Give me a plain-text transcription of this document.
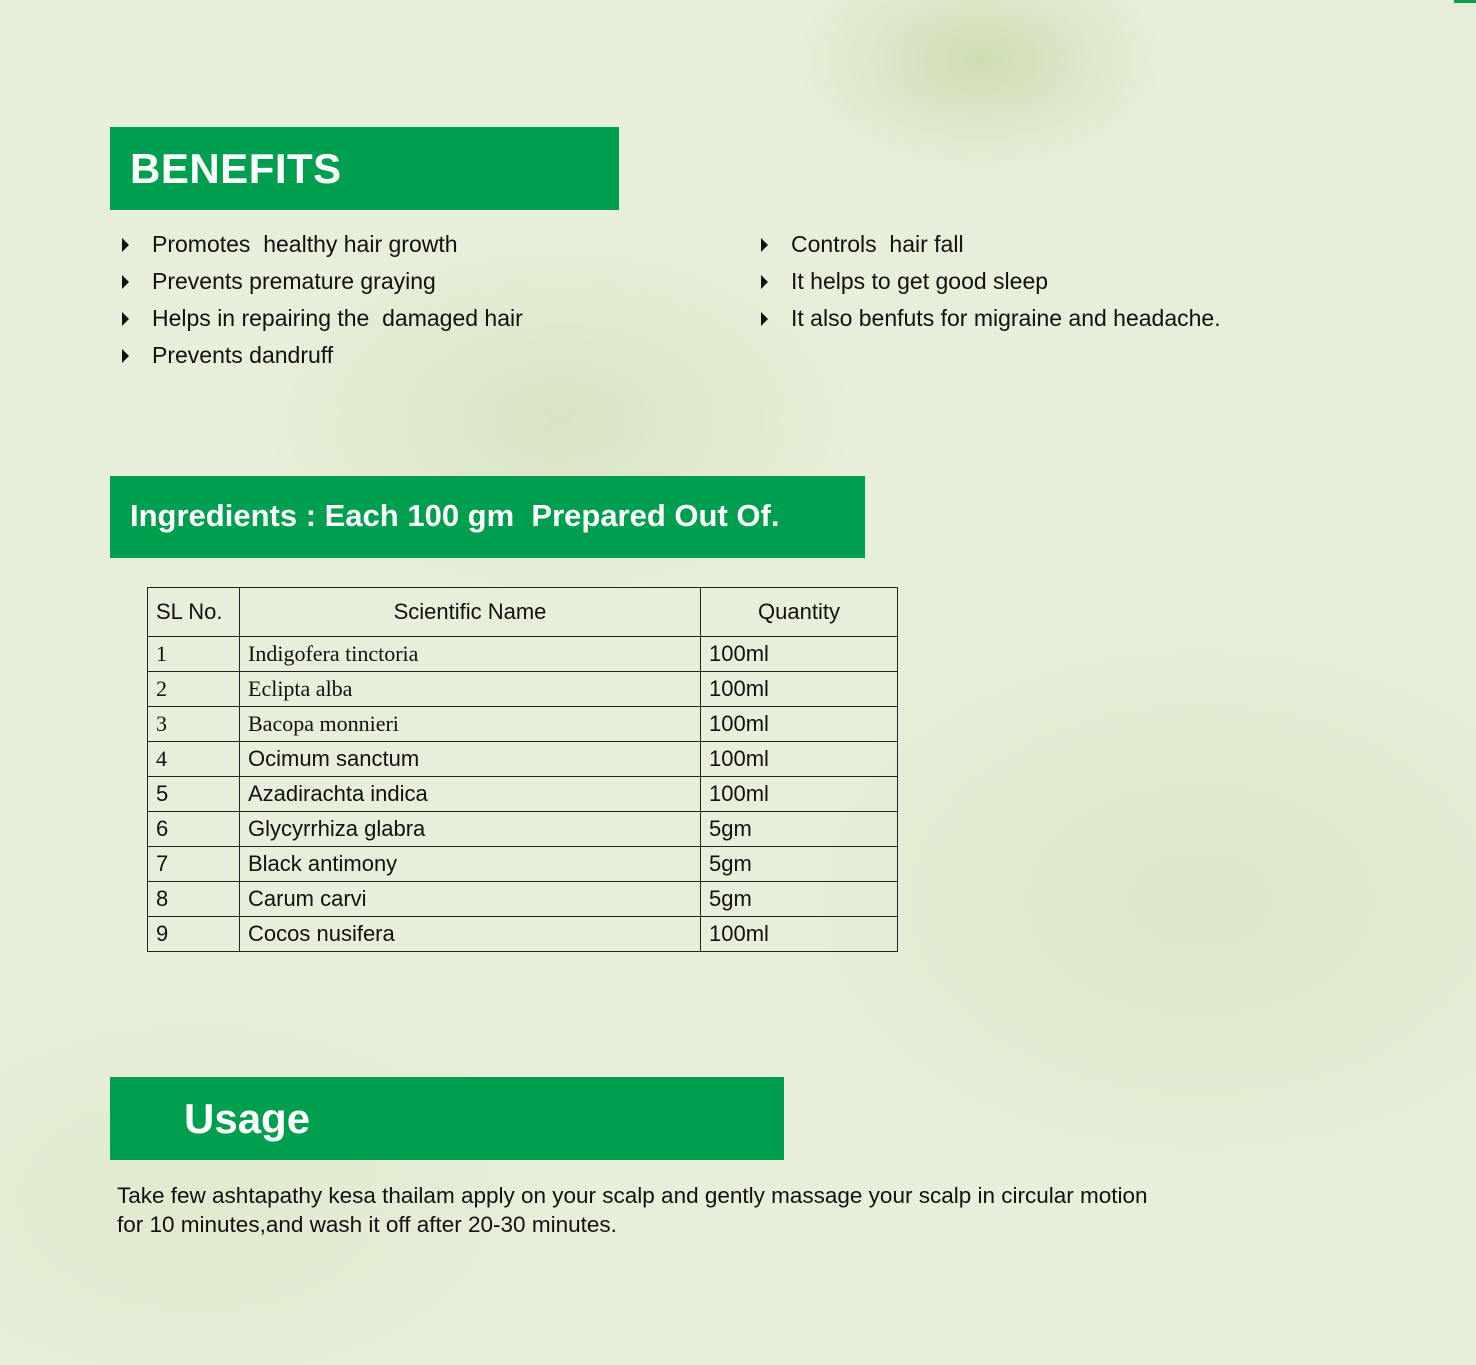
BENEFITS
Promotes  healthy hair growth
Prevents premature graying
Helps in repairing the  damaged hair
Prevents dandruff
Controls  hair fall
It helps to get good sleep
It also benfuts for migraine and headache.
Ingredients : Each 100 gm  Prepared Out Of.
SL No.	Scientific Name	Quantity
1	Indigofera tinctoria	100ml
2	Eclipta alba	100ml
3	Bacopa monnieri	100ml
4	Ocimum sanctum	100ml
5	Azadirachta indica	100ml
6	Glycyrrhiza glabra	5gm
7	Black antimony	5gm
8	Carum carvi	5gm
9	Cocos nusifera	100ml
Usage

Take few ashtapathy kesa thailam apply on your scalp and gently massage your scalp in circular motion
for 10 minutes,and wash it off after 20-30 minutes.
